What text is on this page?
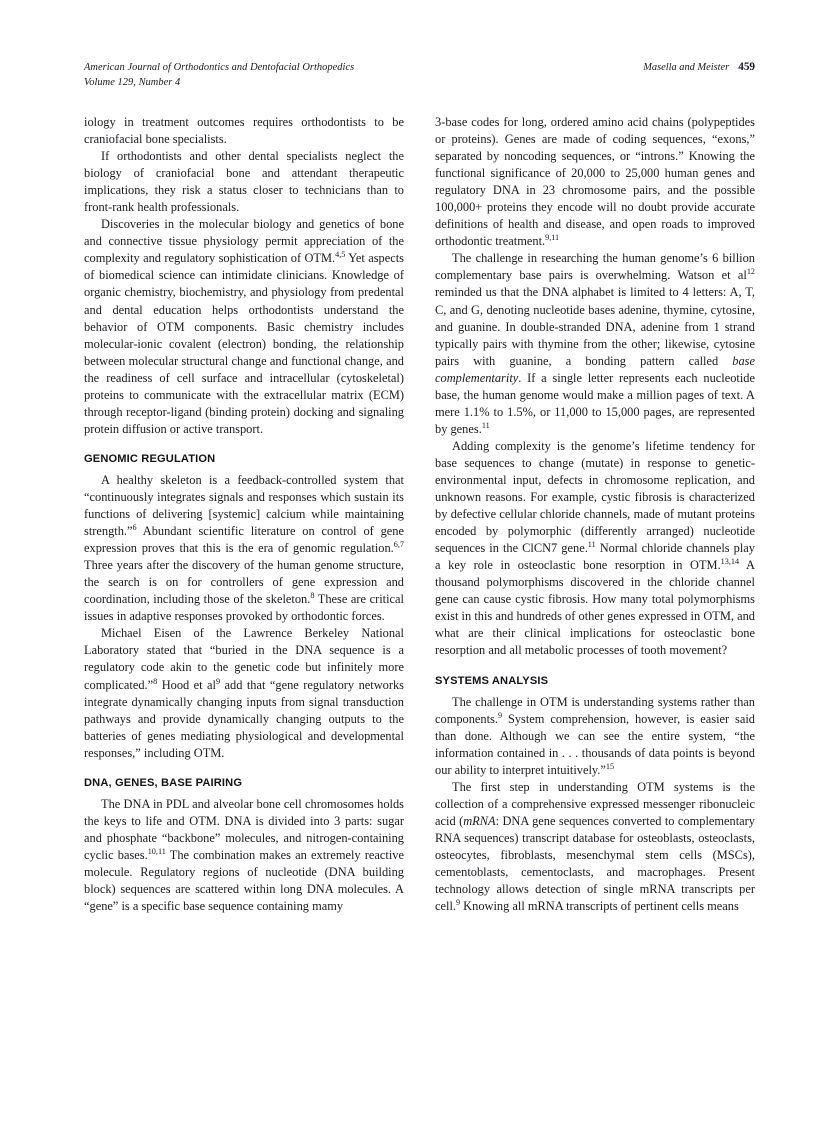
American Journal of Orthodontics and Dentofacial Orthopedics
Volume 129, Number 4
Masella and Meister 459

iology in treatment outcomes requires orthodontists to be craniofacial bone specialists.

If orthodontists and other dental specialists neglect the biology of craniofacial bone and attendant therapeutic implications, they risk a status closer to technicians than to front-rank health professionals.

Discoveries in the molecular biology and genetics of bone and connective tissue physiology permit appreciation of the complexity and regulatory sophistication of OTM.$^{4,5}$ Yet aspects of biomedical science can intimidate clinicians. Knowledge of organic chemistry, biochemistry, and physiology from predental and dental education helps orthodontists understand the behavior of OTM components. Basic chemistry includes molecular-ionic covalent (electron) bonding, the relationship between molecular structural change and functional change, and the readiness of cell surface and intracellular (cytoskeletal) proteins to communicate with the extracellular matrix (ECM) through receptor-ligand (binding protein) docking and signaling protein diffusion or active transport.

GENOMIC REGULATION

A healthy skeleton is a feedback-controlled system that “continuously integrates signals and responses which sustain its functions of delivering [systemic] calcium while maintaining strength.”$^6$ Abundant scientific literature on control of gene expression proves that this is the era of genomic regulation.$^{6,7}$ Three years after the discovery of the human genome structure, the search is on for controllers of gene expression and coordination, including those of the skeleton.$^8$ These are critical issues in adaptive responses provoked by orthodontic forces.

Michael Eisen of the Lawrence Berkeley National Laboratory stated that “buried in the DNA sequence is a regulatory code akin to the genetic code but infinitely more complicated.”$^8$ Hood et al$^9$ add that “gene regulatory networks integrate dynamically changing inputs from signal transduction pathways and provide dynamically changing outputs to the batteries of genes mediating physiological and developmental responses,” including OTM.

DNA, GENES, BASE PAIRING

The DNA in PDL and alveolar bone cell chromosomes holds the keys to life and OTM. DNA is divided into 3 parts: sugar and phosphate “backbone” molecules, and nitrogen-containing cyclic bases.$^{10,11}$ The combination makes an extremely reactive molecule. Regulatory regions of nucleotide (DNA building block) sequences are scattered within long DNA molecules. A “gene” is a specific base sequence containing mamy

3-base codes for long, ordered amino acid chains (polypeptides or proteins). Genes are made of coding sequences, “exons,” separated by noncoding sequences, or “introns.” Knowing the functional significance of 20,000 to 25,000 human genes and regulatory DNA in 23 chromosome pairs, and the possible 100,000+ proteins they encode will no doubt provide accurate definitions of health and disease, and open roads to improved orthodontic treatment.$^{9,11}$

The challenge in researching the human genome’s 6 billion complementary base pairs is overwhelming. Watson et al$^{12}$ reminded us that the DNA alphabet is limited to 4 letters: A, T, C, and G, denoting nucleotide bases adenine, thymine, cytosine, and guanine. In double-stranded DNA, adenine from 1 strand typically pairs with thymine from the other; likewise, cytosine pairs with guanine, a bonding pattern called base complementarity. If a single letter represents each nucleotide base, the human genome would make a million pages of text. A mere 1.1% to 1.5%, or 11,000 to 15,000 pages, are represented by genes.$^{11}$

Adding complexity is the genome’s lifetime tendency for base sequences to change (mutate) in response to genetic-environmental input, defects in chromosome replication, and unknown reasons. For example, cystic fibrosis is characterized by defective cellular chloride channels, made of mutant proteins encoded by polymorphic (differently arranged) nucleotide sequences in the ClCN7 gene.$^{11}$ Normal chloride channels play a key role in osteoclastic bone resorption in OTM.$^{13,14}$ A thousand polymorphisms discovered in the chloride channel gene can cause cystic fibrosis. How many total polymorphisms exist in this and hundreds of other genes expressed in OTM, and what are their clinical implications for osteoclastic bone resorption and all metabolic processes of tooth movement?

SYSTEMS ANALYSIS

The challenge in OTM is understanding systems rather than components.$^9$ System comprehension, however, is easier said than done. Although we can see the entire system, “the information contained in . . . thousands of data points is beyond our ability to interpret intuitively.”$^{15}$

The first step in understanding OTM systems is the collection of a comprehensive expressed messenger ribonucleic acid (mRNA: DNA gene sequences converted to complementary RNA sequences) transcript database for osteoblasts, osteoclasts, osteocytes, fibroblasts, mesenchymal stem cells (MSCs), cementoblasts, cementoclasts, and macrophages. Present technology allows detection of single mRNA transcripts per cell.$^9$ Knowing all mRNA transcripts of pertinent cells means
